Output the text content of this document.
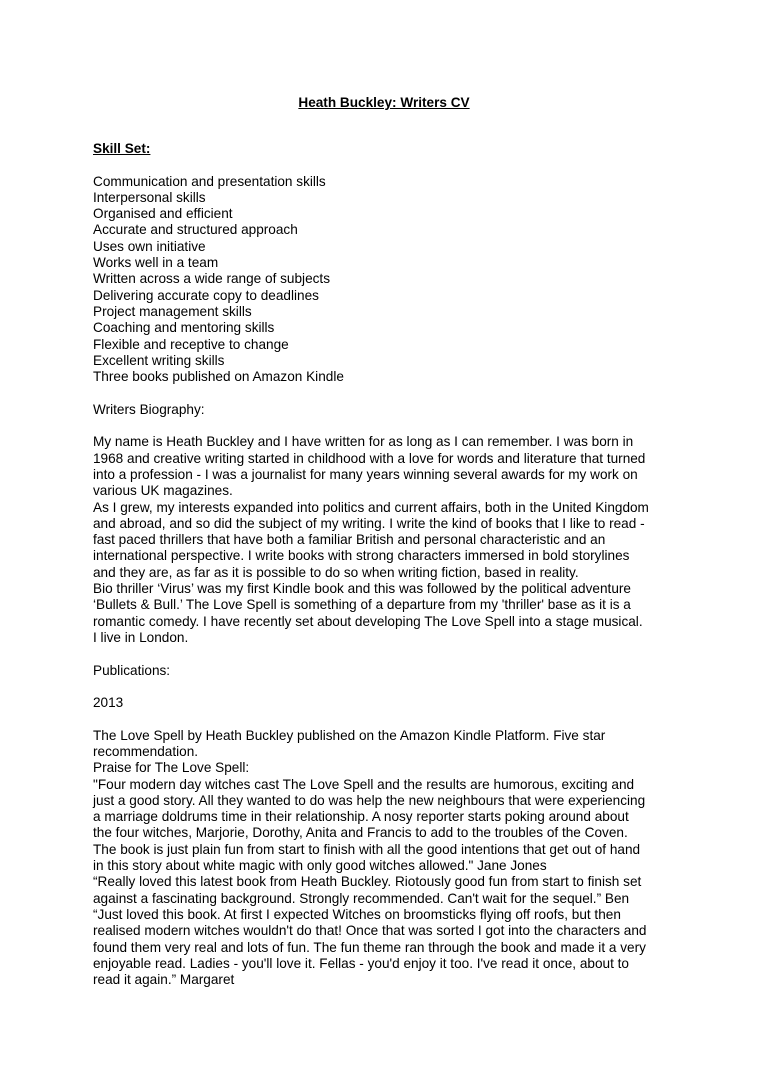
Heath Buckley: Writers CV
Skill Set:
Communication and presentation skills
Interpersonal skills
Organised and efficient
Accurate and structured approach
Uses own initiative
Works well in a team
Written across a wide range of subjects
Delivering accurate copy to deadlines
Project management skills
Coaching and mentoring skills
Flexible and receptive to change
Excellent writing skills
Three books published on Amazon Kindle
Writers Biography:
My name is Heath Buckley and I have written for as long as I can remember. I was born in
1968 and creative writing started in childhood with a love for words and literature that turned
into a profession - I was a journalist for many years winning several awards for my work on
various UK magazines.
As I grew, my interests expanded into politics and current affairs, both in the United Kingdom
and abroad, and so did the subject of my writing. I write the kind of books that I like to read -
fast paced thrillers that have both a familiar British and personal characteristic and an
international perspective. I write books with strong characters immersed in bold storylines
and they are, as far as it is possible to do so when writing fiction, based in reality.
Bio thriller ‘Virus’ was my first Kindle book and this was followed by the political adventure
‘Bullets & Bull.’ The Love Spell is something of a departure from my 'thriller' base as it is a
romantic comedy. I have recently set about developing The Love Spell into a stage musical.
I live in London.
Publications:
2013
The Love Spell by Heath Buckley published on the Amazon Kindle Platform. Five star
recommendation.
Praise for The Love Spell:
"Four modern day witches cast The Love Spell and the results are humorous, exciting and
just a good story. All they wanted to do was help the new neighbours that were experiencing
a marriage doldrums time in their relationship. A nosy reporter starts poking around about
the four witches, Marjorie, Dorothy, Anita and Francis to add to the troubles of the Coven.
The book is just plain fun from start to finish with all the good intentions that get out of hand
in this story about white magic with only good witches allowed." Jane Jones
“Really loved this latest book from Heath Buckley. Riotously good fun from start to finish set
against a fascinating background. Strongly recommended. Can't wait for the sequel.” Ben
“Just loved this book. At first I expected Witches on broomsticks flying off roofs, but then
realised modern witches wouldn't do that! Once that was sorted I got into the characters and
found them very real and lots of fun. The fun theme ran through the book and made it a very
enjoyable read. Ladies - you'll love it. Fellas - you'd enjoy it too. I've read it once, about to
read it again.” Margaret
